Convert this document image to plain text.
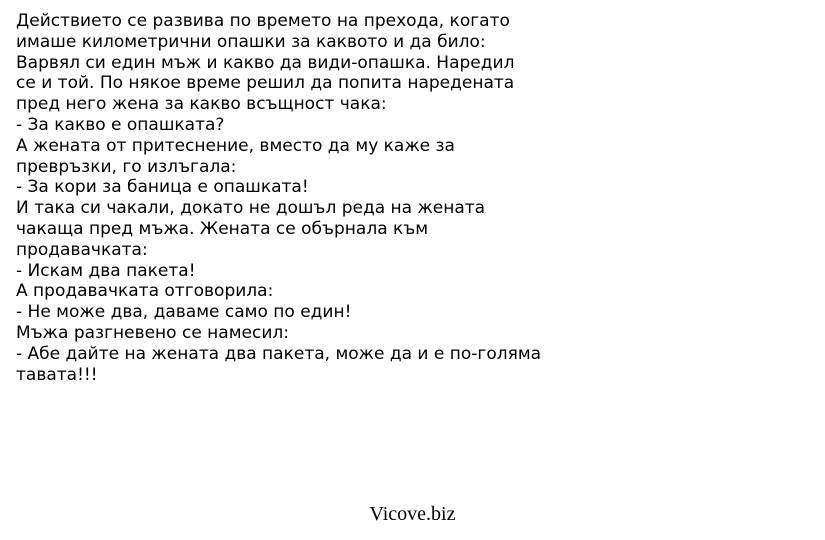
Действието се развива по времето на прехода, когато
имаше километрични опашки за каквото и да било:
Варвял си един мъж и какво да види-опашка. Наредил
се и той. По някое време решил да попита наредената
пред него жена за какво всъщност чака:
- За какво е опашката?
А жената от притеснение, вместо да му каже за
превръзки, го излъгала:
- За кори за баница е опашката!
И така си чакали, докато не дошъл реда на жената
чакаща пред мъжа. Жената се обърнала към
продавачката:
- Искам два пакета!
А продавачката отговорила:
- Не може два, даваме само по един!
Мъжа разгневено се намесил:
- Абе дайте на жената два пакета, може да и е по-голяма
тавата!!!
Vicove.biz
